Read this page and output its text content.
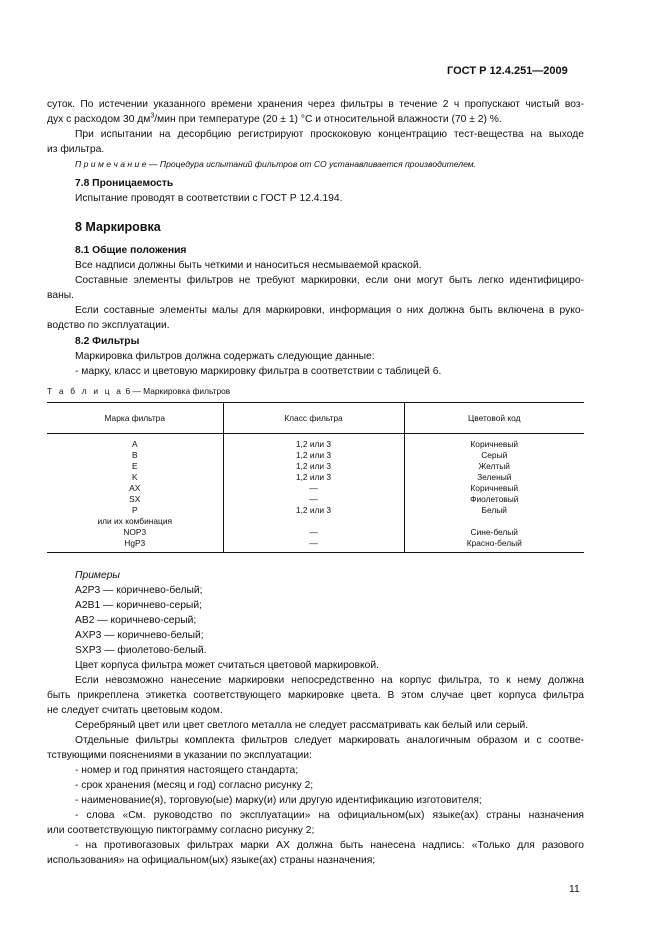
ГОСТ Р 12.4.251—2009
суток. По истечении указанного времени хранения через фильтры в течение 2 ч пропускают чистый воз-
дух с расходом 30 $дм^3$/мин при температуре (20 ± 1) °С и относительной влажности (70 ± 2) %.
При испытании на десорбцию регистрируют проскоковую концентрацию тест-вещества на выходе
из фильтра.
П р и м е ч а н и е — Процедура испытаний фильтров от СО устанавливается производителем.
7.8 Проницаемость
Испытание проводят в соответствии с ГОСТ Р 12.4.194.
8 Маркировка
8.1 Общие положения
Все надписи должны быть четкими и наноситься несмываемой краской.
Составные элементы фильтров не требуют маркировки, если они могут быть легко идентифициро-
ваны.
Если составные элементы малы для маркировки, информация о них должна быть включена в руко-
водство по эксплуатации.
8.2 Фильтры
Маркировка фильтров должна содержать следующие данные:
- марку, класс и цветовую маркировку фильтра в соответствии с таблицей 6.
Т а б л и ц а 6 — Маркировка фильтров
Марка фильтра	Класс фильтра	Цветовой код
A	1,2 или 3	Коричневый
B	1,2 или 3	Серый
E	1,2 или 3	Желтый
K	1,2 или 3	Зеленый
AX	—	Коричневый
SX	—	Фиолетовый
P	1,2 или 3	Белый
или их комбинация		
NOP3	—	Сине-белый
HgP3	—	Красно-белый
Примеры
A2P3 — коричнево-белый;
A2B1 — коричнево-серый;
AB2 — коричнево-серый;
AXP3 — коричнево-белый;
SXP3 — фиолетово-белый.
Цвет корпуса фильтра может считаться цветовой маркировкой.
Если невозможно нанесение маркировки непосредственно на корпус фильтра, то к нему должна
быть прикреплена этикетка соответствующего маркировке цвета. В этом случае цвет корпуса фильтра
не следует считать цветовым кодом.
Серебряный цвет или цвет светлого металла не следует рассматривать как белый или серый.
Отдельные фильтры комплекта фильтров следует маркировать аналогичным образом и с соотве-
тствующими пояснениями в указании по эксплуатации:
- номер и год принятия настоящего стандарта;
- срок хранения (месяц и год) согласно рисунку 2;
- наименование(я), торговую(ые) марку(и) или другую идентификацию изготовителя;
- слова «См. руководство по эксплуатации» на официальном(ых) языке(ах) страны назначения
или соответствующую пиктограмму согласно рисунку 2;
- на противогазовых фильтрах марки AX должна быть нанесена надпись: «Только для разового
использования» на официальном(ых) языке(ах) страны назначения;
11
